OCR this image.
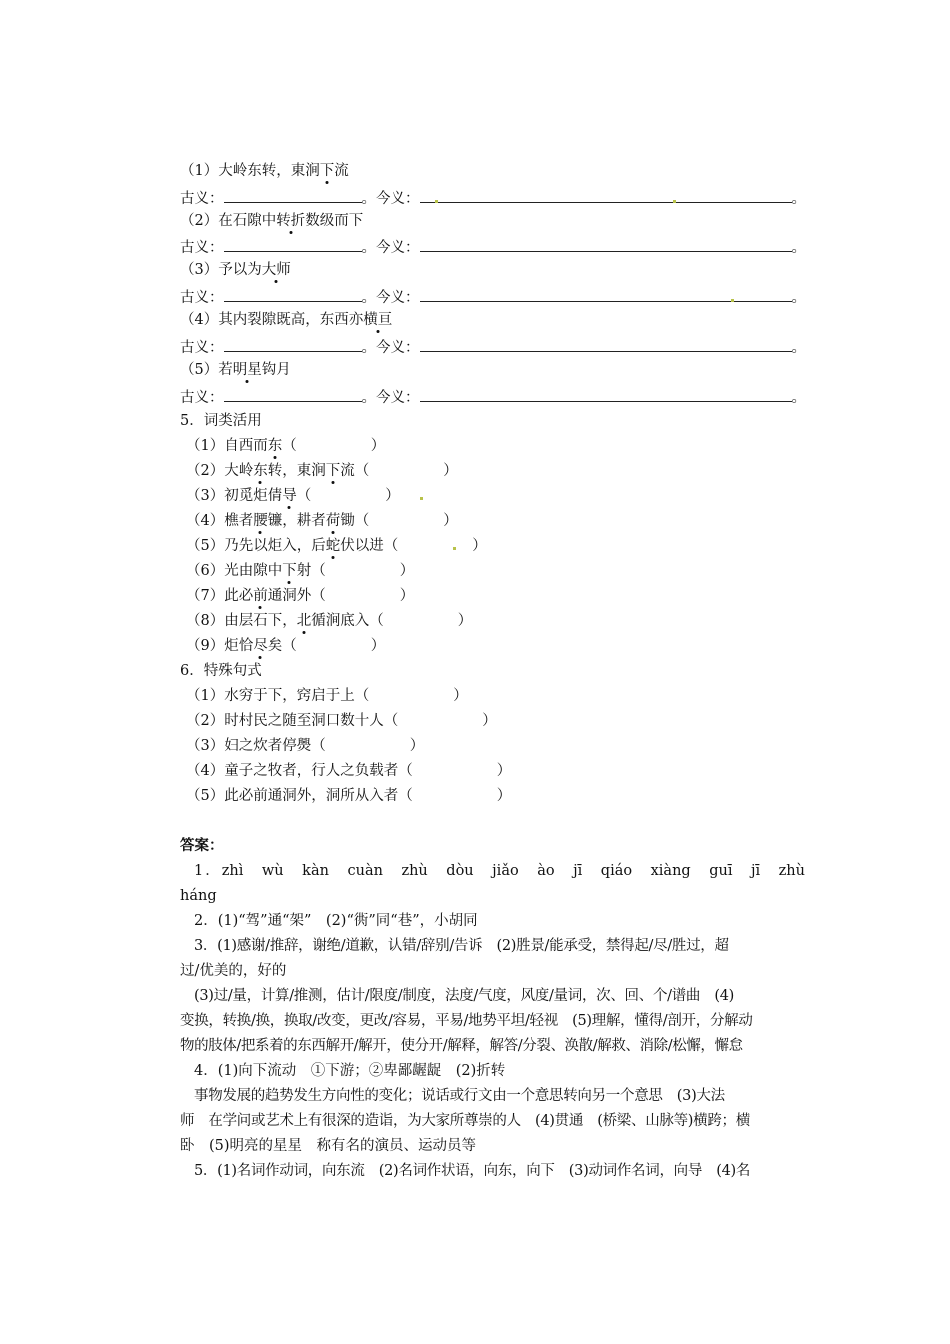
（1）大岭东转，東涧下流
古义：	。今义：	。
（2）在石隙中转折数级而下
古义：	。今义：	。
（3）予以为大师
古义：	。今义：	。
（4）其内裂隙既高，东西亦横亘
古义：	。今义：	。
（5）若明星钩月
古义：	。今义：	。
5．词类活用
（1）自西而东（	）
（2）大岭东转，東涧下流（	）
（3）初觅炬倩导（	）
（4）樵者腰镰，耕者荷锄（	）
（5）乃先以炬入，后蛇伏以进（	）
（6）光由隙中下射（	）
（7）此必前通洞外（	）
（8）由层石下，北循涧底入（	）
（9）炬恰尽矣（	）
6．特殊句式
（1）水穷于下，窍启于上（	）
（2）时村民之随至洞口数十人（	）
（3）妇之炊者停爂（	）
（4）童子之牧者，行人之负载者（	）
（5）此必前通洞外，洞所从入者（	）
答案：
1．zhì　wù　kàn　cuàn　zhù　dòu　jiǎo　ào　jī　qiáo　xiàng　guī　jī　zhù
háng
2．(1)“驾”通“架”　(2)“衖”同“巷”，小胡同
3．(1)感谢/推辞，谢绝/道歉，认错/辞别/告诉　(2)胜景/能承受，禁得起/尽/胜过，超
过/优美的，好的
(3)过/量，计算/推测，估计/限度/制度，法度/气度，风度/量词，次、回、个/谱曲　(4)
变换，转换/换，换取/改变，更改/容易，平易/地势平坦/轻视　(5)理解，懂得/剖开，分解动
物的肢体/把系着的东西解开/解开，使分开/解释，解答/分裂、涣散/解救、消除/松懈，懈怠
4．(1)向下流动　①下游；②卑鄙龌龊　(2)折转
事物发展的趋势发生方向性的变化；说话或行文由一个意思转向另一个意思　(3)大法
师　在学问或艺术上有很深的造诣，为大家所尊崇的人　(4)贯通　(桥梁、山脉等)横跨；横
卧　(5)明亮的星星　称有名的演员、运动员等
5．(1)名词作动词，向东流　(2)名词作状语，向东，向下　(3)动词作名词，向导　(4)名
